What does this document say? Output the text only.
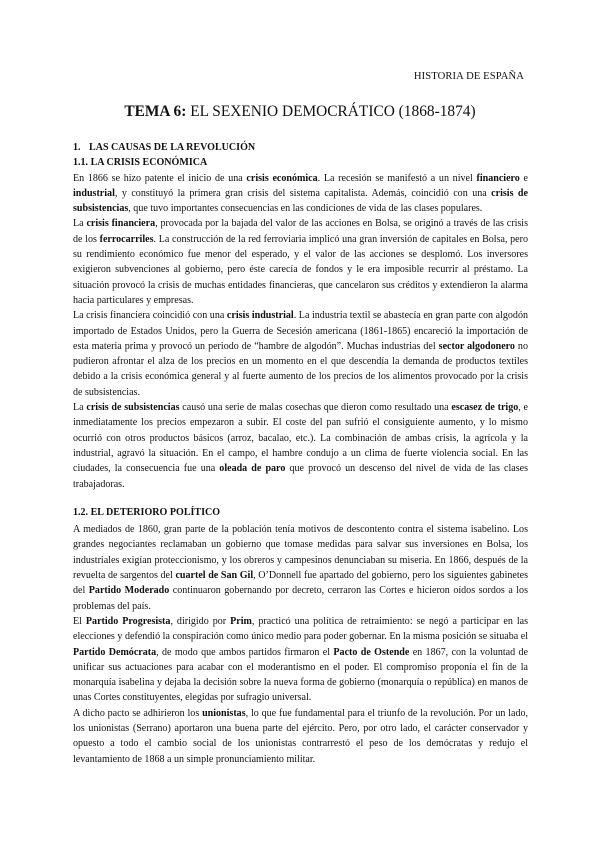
HISTORIA DE ESPAÑA
TEMA 6: EL SEXENIO DEMOCRÁTICO (1868-1874)

1. LAS CAUSAS DE LA REVOLUCIÓN

1.1. LA CRISIS ECONÓMICA

En 1866 se hizo patente el inicio de una crisis económica. La recesión se manifestó a un nivel financiero e industrial, y constituyó la primera gran crisis del sistema capitalista. Además, coincidió con una crisis de subsistencias, que tuvo importantes consecuencias en las condiciones de vida de las clases populares.

La crisis financiera, provocada por la bajada del valor de las acciones en Bolsa, se originó a través de las crisis de los ferrocarriles. La construcción de la red ferroviaria implicó una gran inversión de capitales en Bolsa, pero su rendimiento económico fue menor del esperado, y el valor de las acciones se desplomó. Los inversores exigieron subvenciones al gobierno, pero éste carecía de fondos y le era imposible recurrir al préstamo. La situación provocó la crisis de muchas entidades financieras, que cancelaron sus créditos y extendieron la alarma hacia particulares y empresas.

La crisis financiera coincidió con una crisis industrial. La industria textil se abastecía en gran parte con algodón importado de Estados Unidos, pero la Guerra de Secesión americana (1861-1865) encareció la importación de esta materia prima y provocó un periodo de “hambre de algodón”. Muchas industrias del sector algodonero no pudieron afrontar el alza de los precios en un momento en el que descendía la demanda de productos textiles debido a la crisis económica general y al fuerte aumento de los precios de los alimentos provocado por la crisis de subsistencias.

La crisis de subsistencias causó una serie de malas cosechas que dieron como resultado una escasez de trigo, e inmediatamente los precios empezaron a subir. El coste del pan sufrió el consiguiente aumento, y lo mismo ocurrió con otros productos básicos (arroz, bacalao, etc.). La combinación de ambas crisis, la agrícola y la industrial, agravó la situación. En el campo, el hambre condujo a un clima de fuerte violencia social. En las ciudades, la consecuencia fue una oleada de paro que provocó un descenso del nivel de vida de las clases trabajadoras.

1.2. EL DETERIORO POLÍTICO

A mediados de 1860, gran parte de la población tenía motivos de descontento contra el sistema isabelino. Los grandes negociantes reclamaban un gobierno que tomase medidas para salvar sus inversiones en Bolsa, los industriales exigían proteccionismo, y los obreros y campesinos denunciaban su miseria. En 1866, después de la revuelta de sargentos del cuartel de San Gil, O’Donnell fue apartado del gobierno, pero los siguientes gabinetes del Partido Moderado continuaron gobernando por decreto, cerraron las Cortes e hicieron oídos sordos a los problemas del país.

El Partido Progresista, dirigido por Prim, practicó una política de retraimiento: se negó a participar en las elecciones y defendió la conspiración como único medio para poder gobernar. En la misma posición se situaba el Partido Demócrata, de modo que ambos partidos firmaron el Pacto de Ostende en 1867, con la voluntad de unificar sus actuaciones para acabar con el moderantismo en el poder. El compromiso proponía el fin de la monarquía isabelina y dejaba la decisión sobre la nueva forma de gobierno (monarquía o república) en manos de unas Cortes constituyentes, elegidas por sufragio universal.

A dicho pacto se adhirieron los unionistas, lo que fue fundamental para el triunfo de la revolución. Por un lado, los unionistas (Serrano) aportaron una buena parte del ejército. Pero, por otro lado, el carácter conservador y opuesto a todo el cambio social de los unionistas contrarrestó el peso de los demócratas y redujo el levantamiento de 1868 a un simple pronunciamiento militar.
